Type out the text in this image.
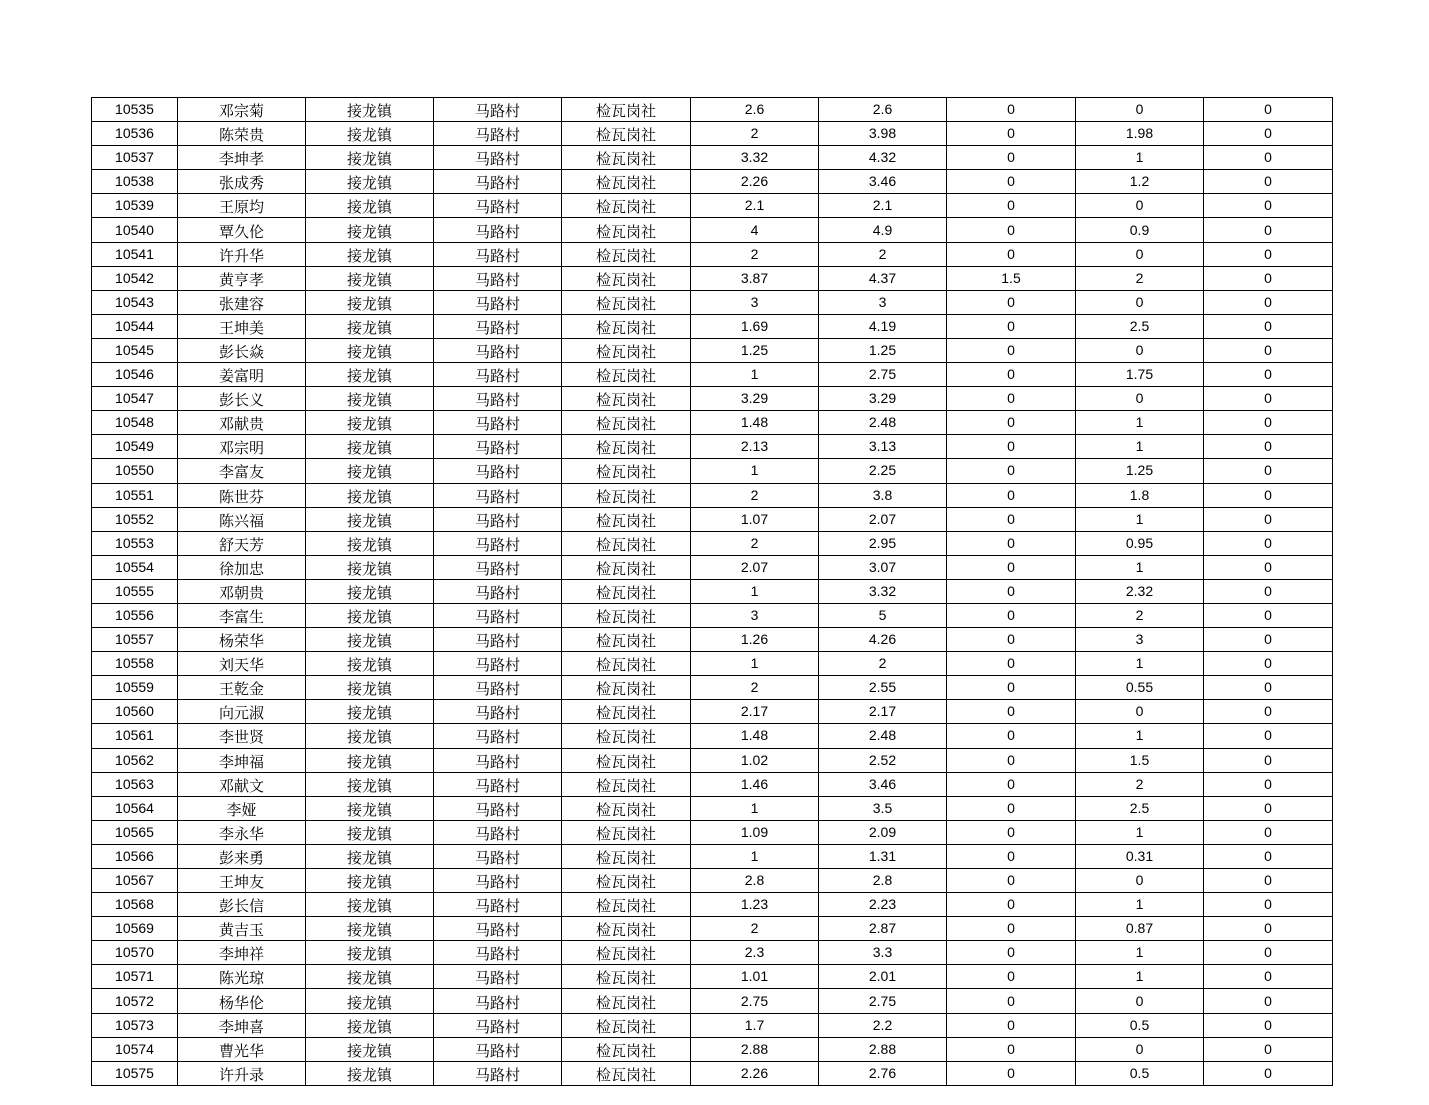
10535	邓宗菊	接龙镇	马路村	检瓦岗社	2.6	2.6	0	0	0
10536	陈荣贵	接龙镇	马路村	检瓦岗社	2	3.98	0	1.98	0
10537	李坤孝	接龙镇	马路村	检瓦岗社	3.32	4.32	0	1	0
10538	张成秀	接龙镇	马路村	检瓦岗社	2.26	3.46	0	1.2	0
10539	王原均	接龙镇	马路村	检瓦岗社	2.1	2.1	0	0	0
10540	覃久伦	接龙镇	马路村	检瓦岗社	4	4.9	0	0.9	0
10541	许升华	接龙镇	马路村	检瓦岗社	2	2	0	0	0
10542	黄亨孝	接龙镇	马路村	检瓦岗社	3.87	4.37	1.5	2	0
10543	张建容	接龙镇	马路村	检瓦岗社	3	3	0	0	0
10544	王坤美	接龙镇	马路村	检瓦岗社	1.69	4.19	0	2.5	0
10545	彭长焱	接龙镇	马路村	检瓦岗社	1.25	1.25	0	0	0
10546	姜富明	接龙镇	马路村	检瓦岗社	1	2.75	0	1.75	0
10547	彭长义	接龙镇	马路村	检瓦岗社	3.29	3.29	0	0	0
10548	邓献贵	接龙镇	马路村	检瓦岗社	1.48	2.48	0	1	0
10549	邓宗明	接龙镇	马路村	检瓦岗社	2.13	3.13	0	1	0
10550	李富友	接龙镇	马路村	检瓦岗社	1	2.25	0	1.25	0
10551	陈世芬	接龙镇	马路村	检瓦岗社	2	3.8	0	1.8	0
10552	陈兴福	接龙镇	马路村	检瓦岗社	1.07	2.07	0	1	0
10553	舒天芳	接龙镇	马路村	检瓦岗社	2	2.95	0	0.95	0
10554	徐加忠	接龙镇	马路村	检瓦岗社	2.07	3.07	0	1	0
10555	邓朝贵	接龙镇	马路村	检瓦岗社	1	3.32	0	2.32	0
10556	李富生	接龙镇	马路村	检瓦岗社	3	5	0	2	0
10557	杨荣华	接龙镇	马路村	检瓦岗社	1.26	4.26	0	3	0
10558	刘天华	接龙镇	马路村	检瓦岗社	1	2	0	1	0
10559	王乾金	接龙镇	马路村	检瓦岗社	2	2.55	0	0.55	0
10560	向元淑	接龙镇	马路村	检瓦岗社	2.17	2.17	0	0	0
10561	李世贤	接龙镇	马路村	检瓦岗社	1.48	2.48	0	1	0
10562	李坤福	接龙镇	马路村	检瓦岗社	1.02	2.52	0	1.5	0
10563	邓献文	接龙镇	马路村	检瓦岗社	1.46	3.46	0	2	0
10564	李娅	接龙镇	马路村	检瓦岗社	1	3.5	0	2.5	0
10565	李永华	接龙镇	马路村	检瓦岗社	1.09	2.09	0	1	0
10566	彭来勇	接龙镇	马路村	检瓦岗社	1	1.31	0	0.31	0
10567	王坤友	接龙镇	马路村	检瓦岗社	2.8	2.8	0	0	0
10568	彭长信	接龙镇	马路村	检瓦岗社	1.23	2.23	0	1	0
10569	黄吉玉	接龙镇	马路村	检瓦岗社	2	2.87	0	0.87	0
10570	李坤祥	接龙镇	马路村	检瓦岗社	2.3	3.3	0	1	0
10571	陈光琼	接龙镇	马路村	检瓦岗社	1.01	2.01	0	1	0
10572	杨华伦	接龙镇	马路村	检瓦岗社	2.75	2.75	0	0	0
10573	李坤喜	接龙镇	马路村	检瓦岗社	1.7	2.2	0	0.5	0
10574	曹光华	接龙镇	马路村	检瓦岗社	2.88	2.88	0	0	0
10575	许升录	接龙镇	马路村	检瓦岗社	2.26	2.76	0	0.5	0
